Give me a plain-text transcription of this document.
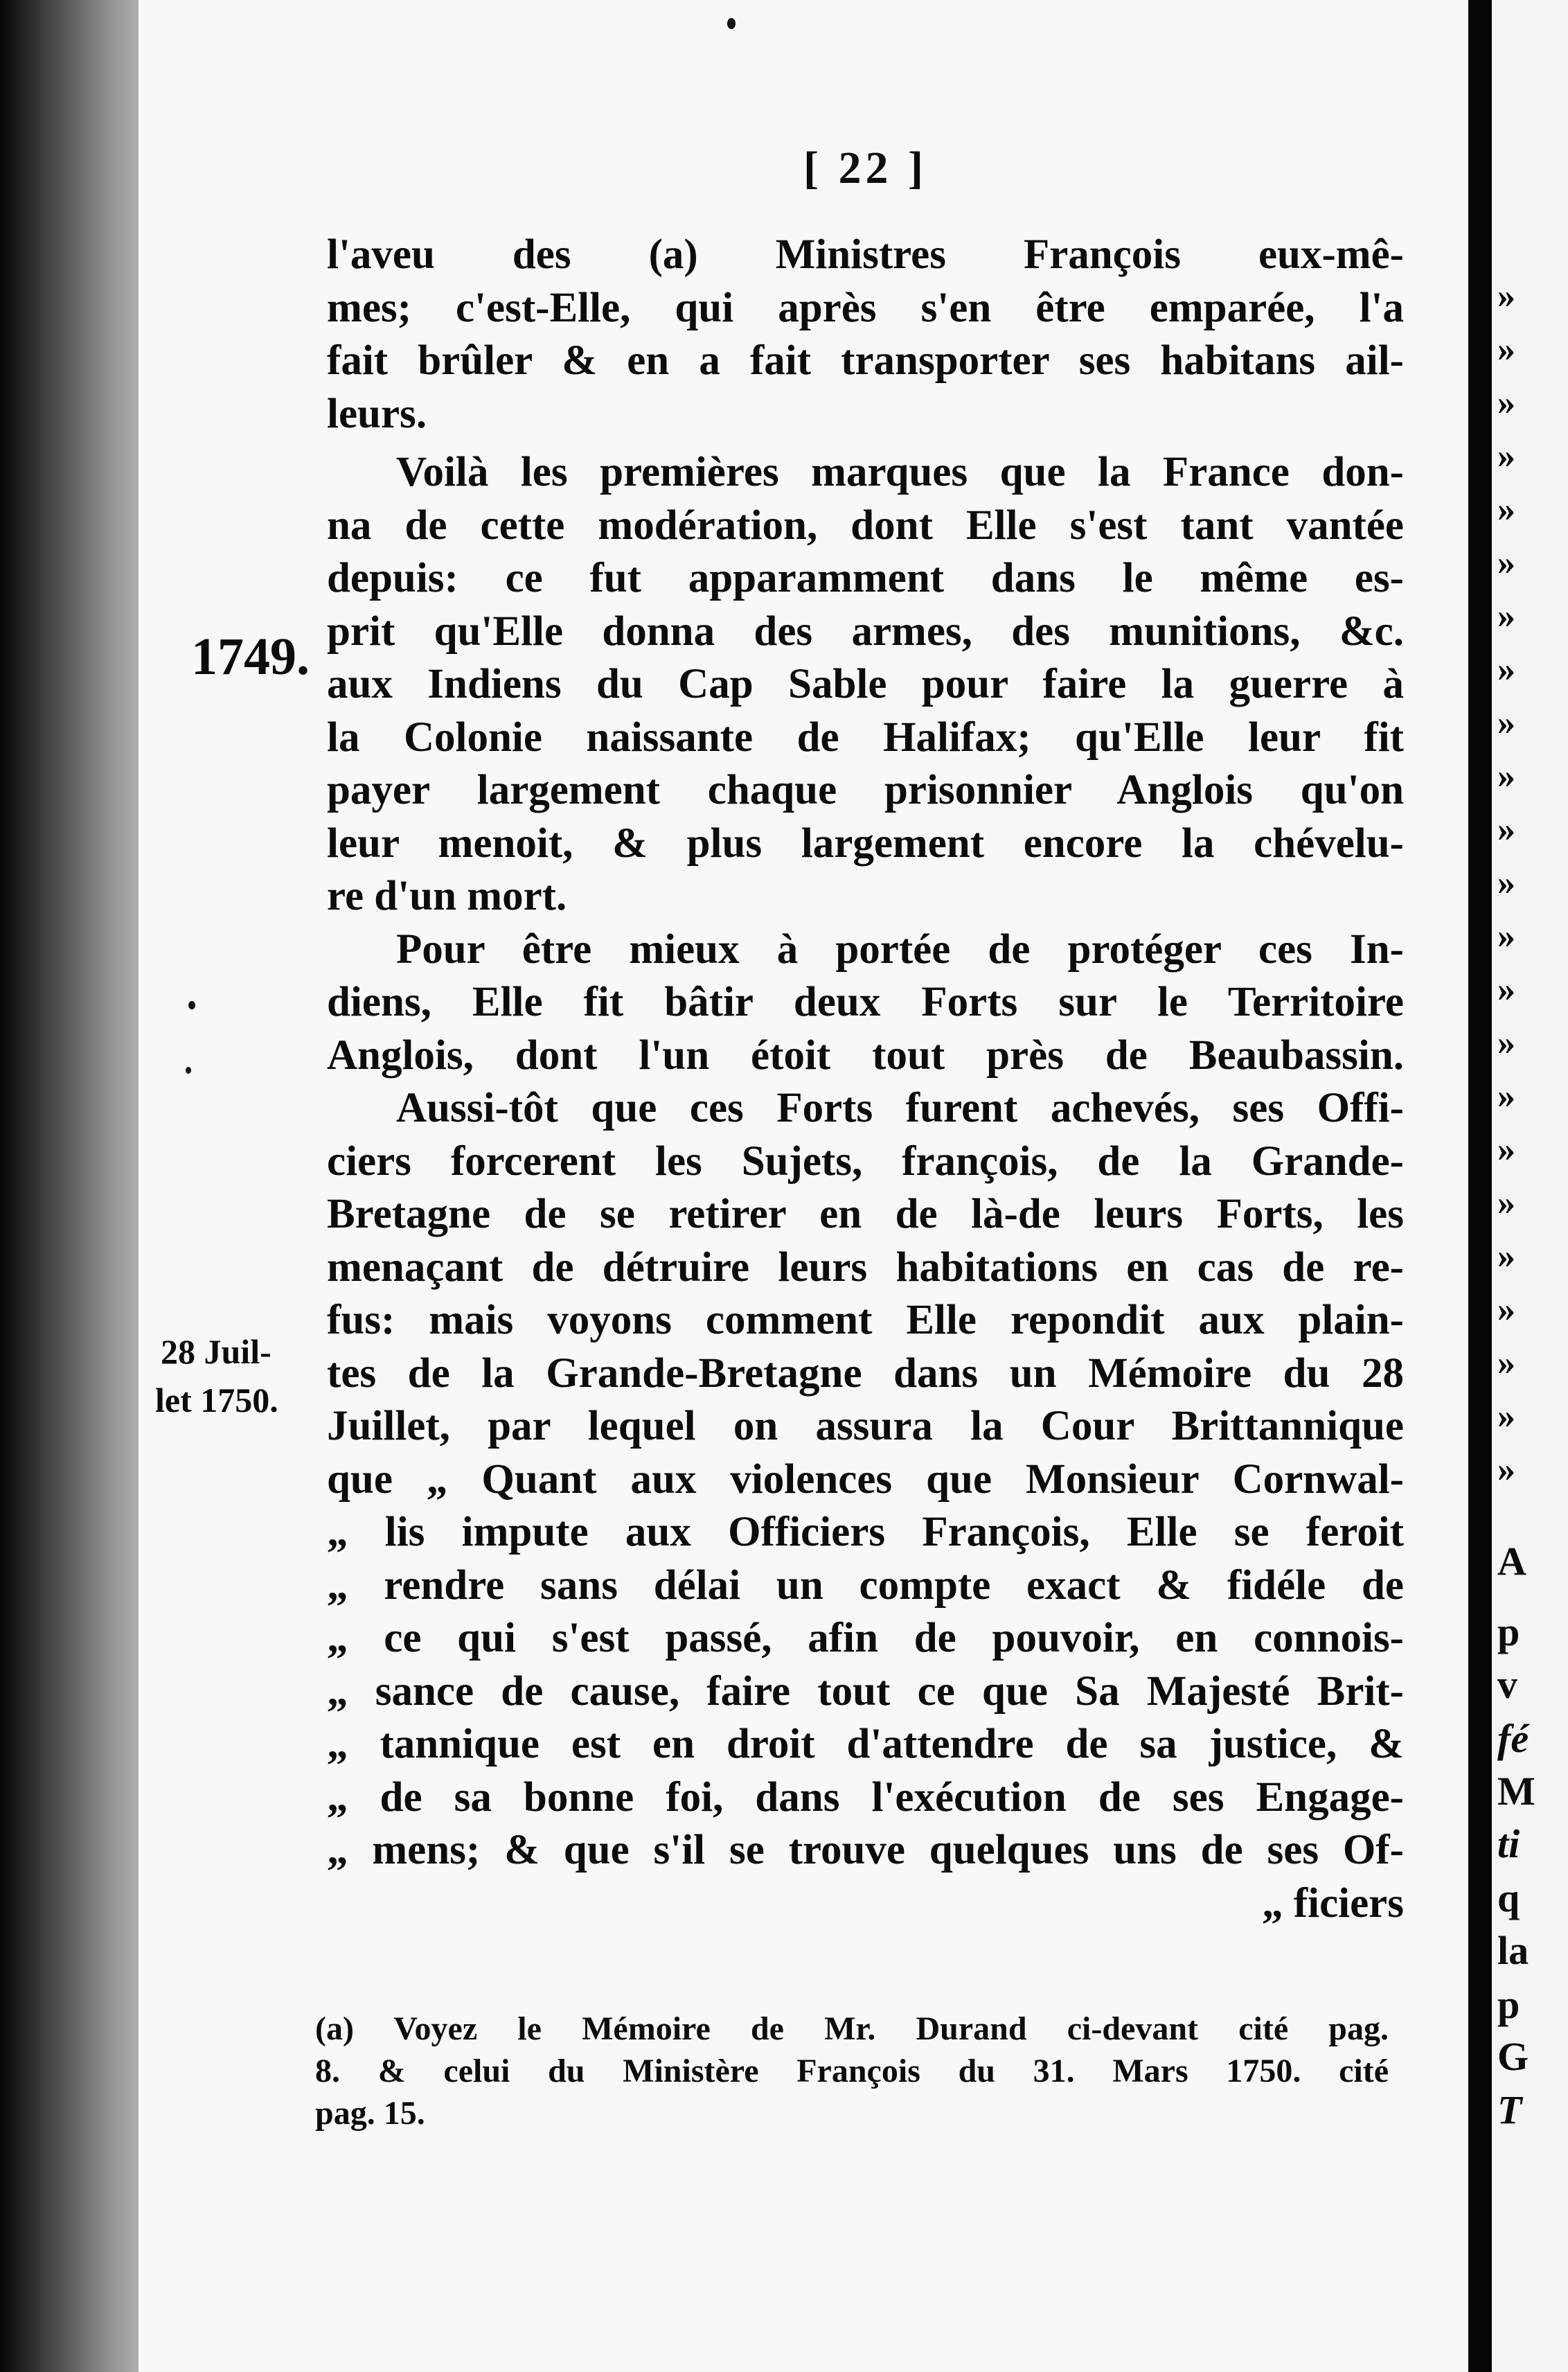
»
»
»
»
»
»
»
»
»
»
»
»
»
»
»
»
»
»
»
»
»
»
»
A
p
v
fé
M
ti
q
la
p
G
T
[ 22 ]
1749.
28 Juil-
let 1750.
l'aveu des (a) Ministres François eux-mê-
mes; c'est-Elle, qui après s'en être emparée, l'a
fait brûler & en a fait transporter ses habitans ail-
leurs.
Voilà les premières marques que la France don-
na de cette modération, dont Elle s'est tant vantée
depuis: ce fut apparamment dans le même es-
prit qu'Elle donna des armes, des munitions, &c.
aux Indiens du Cap Sable pour faire la guerre à
la Colonie naissante de Halifax; qu'Elle leur fit
payer largement chaque prisonnier Anglois qu'on
leur menoit, & plus largement encore la chévelu-
re d'un mort.
Pour être mieux à portée de protéger ces In-
diens, Elle fit bâtir deux Forts sur le Territoire
Anglois, dont l'un étoit tout près de Beaubassin.
Aussi-tôt que ces Forts furent achevés, ses Offi-
ciers forcerent les Sujets, françois, de la Grande-
Bretagne de se retirer en de là-de leurs Forts, les
menaçant de détruire leurs habitations en cas de re-
fus: mais voyons comment Elle repondit aux plain-
tes de la Grande-Bretagne dans un Mémoire du 28
Juillet, par lequel on assura la Cour Brittannique
que „ Quant aux violences que Monsieur Cornwal-
„ lis impute aux Officiers François, Elle se feroit
„ rendre sans délai un compte exact & fidéle de
„ ce qui s'est passé, afin de pouvoir, en connois-
„ sance de cause, faire tout ce que Sa Majesté Brit-
„ tannique est en droit d'attendre de sa justice, &
„ de sa bonne foi, dans l'exécution de ses Engage-
„ mens; & que s'il se trouve quelques uns de ses Of-
„ ficiers
(a) Voyez le Mémoire de Mr. Durand ci-devant cité pag.
8. & celui du Ministère François du 31. Mars 1750. cité
pag. 15.
